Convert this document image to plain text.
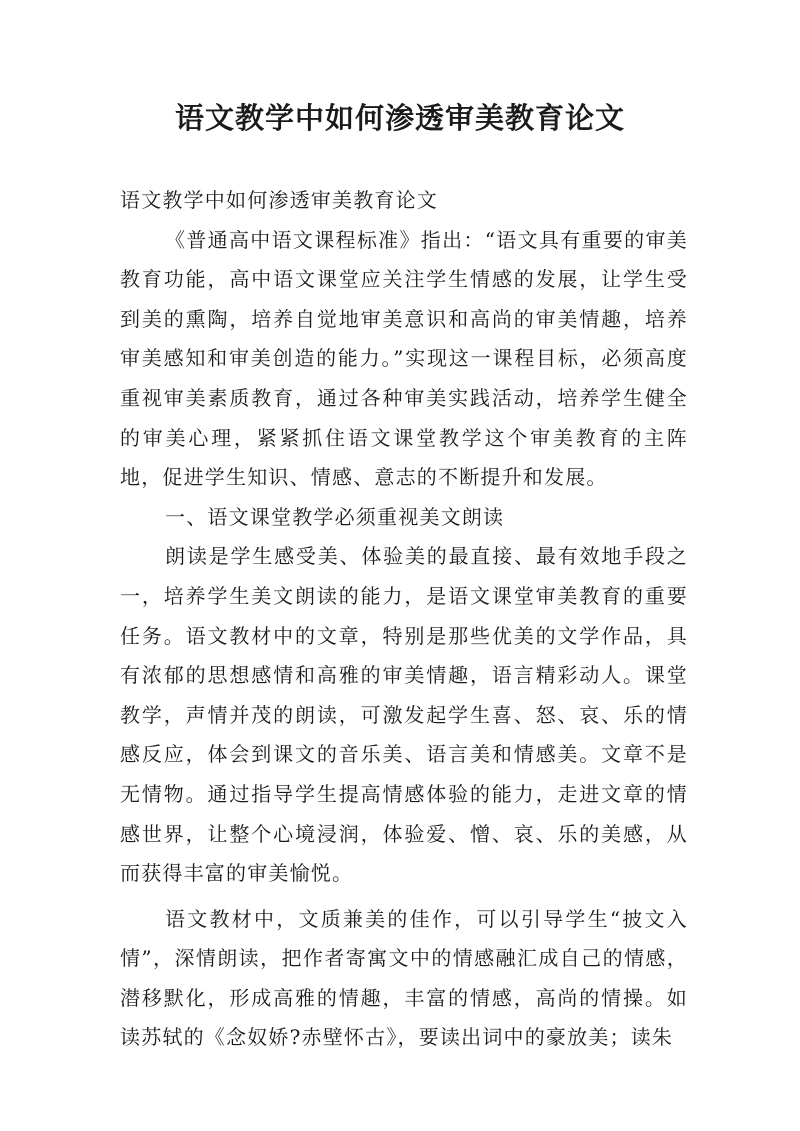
语文教学中如何渗透审美教育论文

语文教学中如何渗透审美教育论文

《普通高中语文课程标准》指出：“语文具有重要的审美教育功能，高中语文课堂应关注学生情感的发展，让学生受到美的熏陶，培养自觉地审美意识和高尚的审美情趣，培养审美感知和审美创造的能力。”实现这一课程目标，必须高度重视审美素质教育，通过各种审美实践活动，培养学生健全的审美心理，紧紧抓住语文课堂教学这个审美教育的主阵地，促进学生知识、情感、意志的不断提升和发展。

一、语文课堂教学必须重视美文朗读

朗读是学生感受美、体验美的最直接、最有效地手段之一，培养学生美文朗读的能力，是语文课堂审美教育的重要任务。语文教材中的文章，特别是那些优美的文学作品，具有浓郁的思想感情和高雅的审美情趣，语言精彩动人。课堂教学，声情并茂的朗读，可激发起学生喜、怒、哀、乐的情感反应，体会到课文的音乐美、语言美和情感美。文章不是无情物。通过指导学生提高情感体验的能力，走进文章的情感世界，让整个心境浸润，体验爱、憎、哀、乐的美感，从而获得丰富的审美愉悦。

语文教材中，文质兼美的佳作，可以引导学生“披文入情”，深情朗读，把作者寄寓文中的情感融汇成自己的情感，潜移默化，形成高雅的情趣，丰富的情感，高尚的情操。如读苏轼的《念奴娇?赤壁怀古》，要读出词中的豪放美；读朱
